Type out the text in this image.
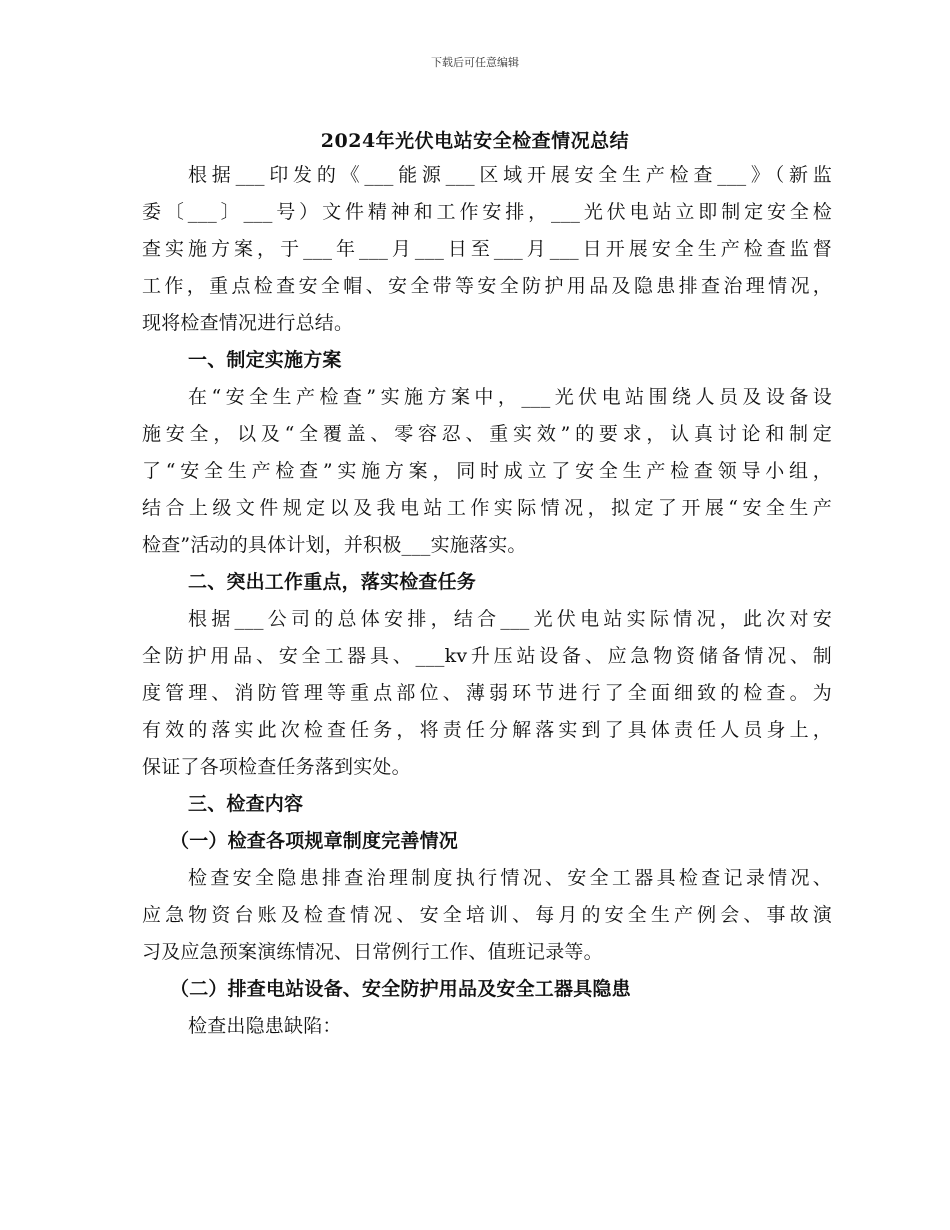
下载后可任意编辑
2024年光伏电站安全检查情况总结
根据___印发的《___能源___区域开展安全生产检查___》（新监
委〔___〕___号）文件精神和工作安排，___光伏电站立即制定安全检
查实施方案，于___年___月___日至___月___日开展安全生产检查监督
工作，重点检查安全帽、安全带等安全防护用品及隐患排查治理情况，
现将检查情况进行总结。
一、制定实施方案
在“安全生产检查”实施方案中，___光伏电站围绕人员及设备设
施安全，以及“全覆盖、零容忍、重实效”的要求，认真讨论和制定
了“安全生产检查”实施方案，同时成立了安全生产检查领导小组，
结合上级文件规定以及我电站工作实际情况，拟定了开展“安全生产
检查”活动的具体计划，并积极___实施落实。
二、突出工作重点，落实检查任务
根据___公司的总体安排，结合___光伏电站实际情况，此次对安
全防护用品、安全工器具、___kv升压站设备、应急物资储备情况、制
度管理、消防管理等重点部位、薄弱环节进行了全面细致的检查。为
有效的落实此次检查任务，将责任分解落实到了具体责任人员身上，
保证了各项检查任务落到实处。
三、检查内容
（一）检查各项规章制度完善情况
检查安全隐患排查治理制度执行情况、安全工器具检查记录情况、
应急物资台账及检查情况、安全培训、每月的安全生产例会、事故演
习及应急预案演练情况、日常例行工作、值班记录等。
（二）排查电站设备、安全防护用品及安全工器具隐患
检查出隐患缺陷：
